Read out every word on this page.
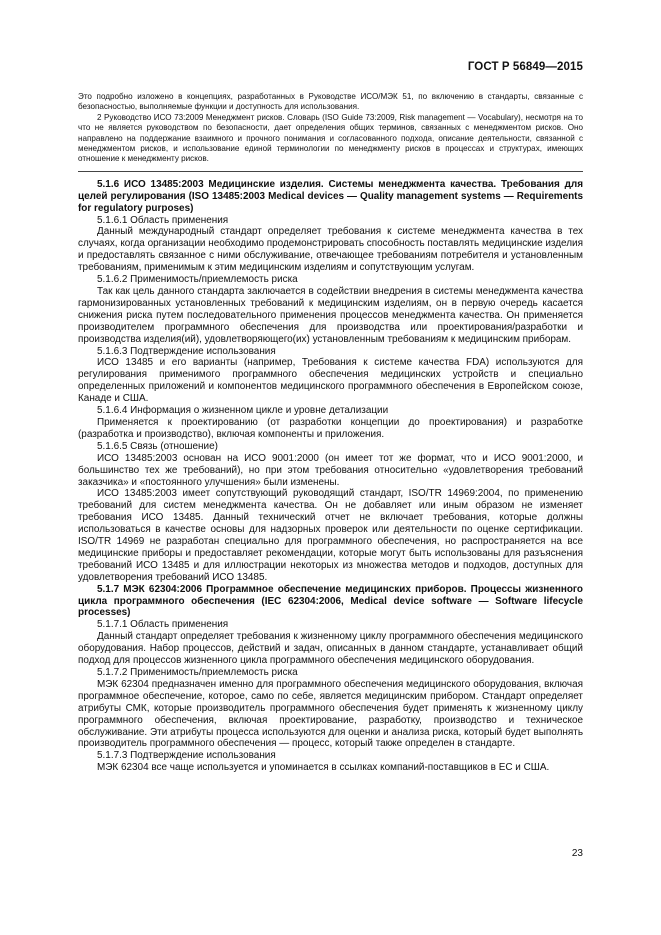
ГОСТ Р 56849—2015

Это подробно изложено в концепциях, разработанных в Руководстве ИСО/МЭК 51, по включению в стандарты, связанные с безопасностью, выполняемые функции и доступность для использования.

2 Руководство ИСО 73:2009 Менеджмент рисков. Словарь (ISO Guide 73:2009, Risk management — Vocabulary), несмотря на то что не является руководством по безопасности, дает определения общих терминов, связанных с менеджментом рисков. Оно направлено на поддержание взаимного и прочного понимания и согласованного подхода, описание деятельности, связанной с менеджментом рисков, и использование единой терминологии по менеджменту рисков в процессах и структурах, имеющих отношение к менеджменту рисков.

5.1.6 ИСО 13485:2003 Медицинские изделия. Системы менеджмента качества. Требования для целей регулирования (ISO 13485:2003 Medical devices — Quality management systems — Requirements for regulatory purposes)

5.1.6.1 Область применения

Данный международный стандарт определяет требования к системе менеджмента качества в тех случаях, когда организации необходимо продемонстрировать способность поставлять медицинские изделия и предоставлять связанное с ними обслуживание, отвечающее требованиям потребителя и установленным требованиям, применимым к этим медицинским изделиям и сопутствующим услугам.

5.1.6.2 Применимость/приемлемость риска

Так как цель данного стандарта заключается в содействии внедрения в системы менеджмента качества гармонизированных установленных требований к медицинским изделиям, он в первую очередь касается снижения риска путем последовательного применения процессов менеджмента качества. Он применяется производителем программного обеспечения для производства или проектирования/разработки и производства изделия(ий), удовлетворяющего(их) установленным требованиям к медицинским приборам.

5.1.6.3 Подтверждение использования

ИСО 13485 и его варианты (например, Требования к системе качества FDA) используются для регулирования применимого программного обеспечения медицинских устройств и специально определенных приложений и компонентов медицинского программного обеспечения в Европейском союзе, Канаде и США.

5.1.6.4 Информация о жизненном цикле и уровне детализации

Применяется к проектированию (от разработки концепции до проектирования) и разработке (разработка и производство), включая компоненты и приложения.

5.1.6.5 Связь (отношение)

ИСО 13485:2003 основан на ИСО 9001:2000 (он имеет тот же формат, что и ИСО 9001:2000, и большинство тех же требований), но при этом требования относительно «удовлетворения требований заказчика» и «постоянного улучшения» были изменены.

ИСО 13485:2003 имеет сопутствующий руководящий стандарт, ISO/TR 14969:2004, по применению требований для систем менеджмента качества. Он не добавляет или иным образом не изменяет требования ИСО 13485. Данный технический отчет не включает требования, которые должны использоваться в качестве основы для надзорных проверок или деятельности по оценке сертификации. ISO/TR 14969 не разработан специально для программного обеспечения, но распространяется на все медицинские приборы и предоставляет рекомендации, которые могут быть использованы для разъяснения требований ИСО 13485 и для иллюстрации некоторых из множества методов и подходов, доступных для удовлетворения требований ИСО 13485.

5.1.7 МЭК 62304:2006 Программное обеспечение медицинских приборов. Процессы жизненного цикла программного обеспечения (IEC 62304:2006, Medical device software — Software lifecycle processes)

5.1.7.1 Область применения

Данный стандарт определяет требования к жизненному циклу программного обеспечения медицинского оборудования. Набор процессов, действий и задач, описанных в данном стандарте, устанавливает общий подход для процессов жизненного цикла программного обеспечения медицинского оборудования.

5.1.7.2 Применимость/приемлемость риска

МЭК 62304 предназначен именно для программного обеспечения медицинского оборудования, включая программное обеспечение, которое, само по себе, является медицинским прибором. Стандарт определяет атрибуты СМК, которые производитель программного обеспечения будет применять к жизненному циклу программного обеспечения, включая проектирование, разработку, производство и техническое обслуживание. Эти атрибуты процесса используются для оценки и анализа риска, который будет выполнять производитель программного обеспечения — процесс, который также определен в стандарте.

5.1.7.3 Подтверждение использования

МЭК 62304 все чаще используется и упоминается в ссылках компаний-поставщиков в ЕС и США.

23
